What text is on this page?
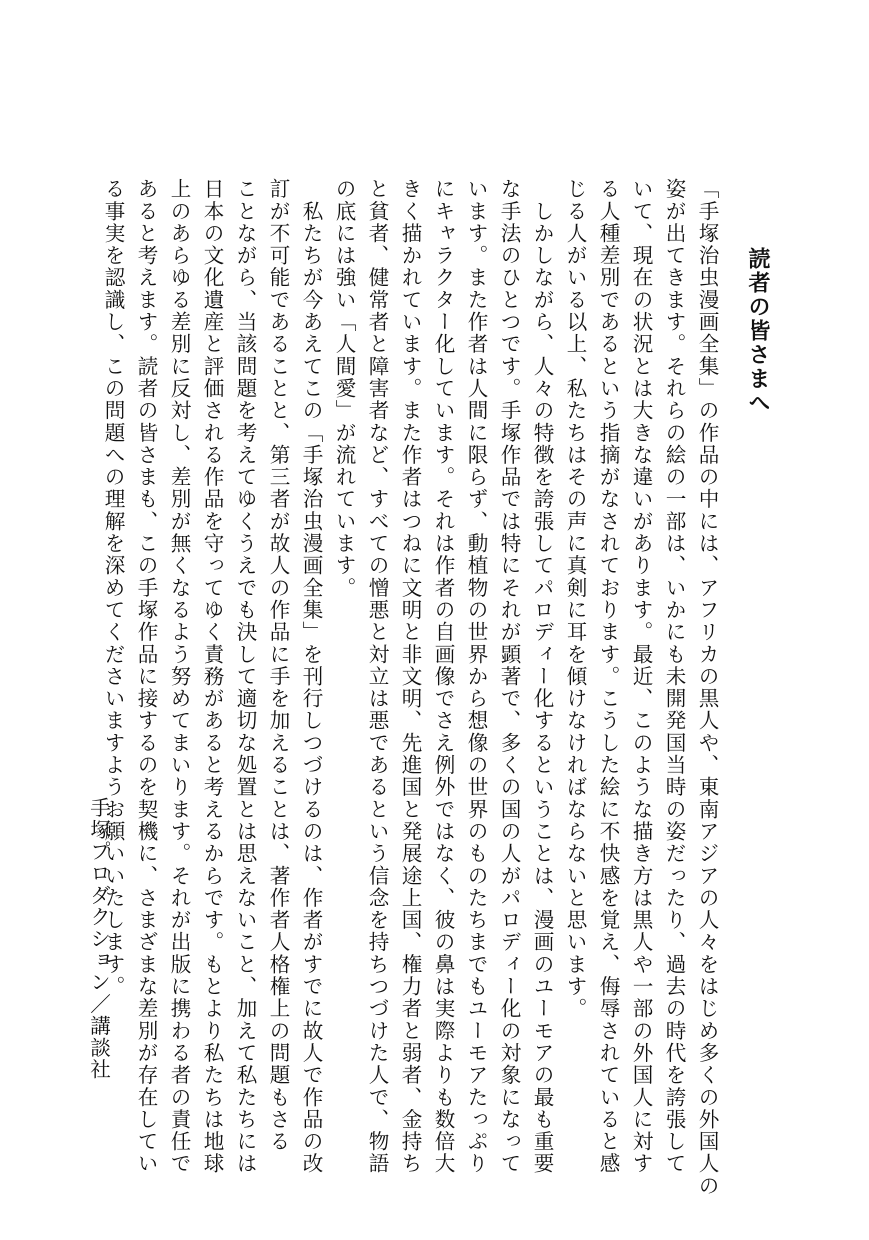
読者の皆さまへ
「手塚治虫漫画全集」の作品の中には、アフリカの黒人や、東南アジアの人々をはじめ多くの外国人の
姿が出てきます。それらの絵の一部は、いかにも未開発国当時の姿だったり、過去の時代を誇張して
いて、現在の状況とは大きな違いがあります。最近、このような描き方は黒人や一部の外国人に対す
る人種差別であるという指摘がなされております。こうした絵に不快感を覚え、侮辱されていると感
じる人がいる以上、私たちはその声に真剣に耳を傾けなければならないと思います。
　しかしながら、人々の特徴を誇張してパロディー化するということは、漫画のユーモアの最も重要
な手法のひとつです。手塚作品では特にそれが顕著で、多くの国の人がパロディー化の対象になって
います。また作者は人間に限らず、動植物の世界から想像の世界のものたちまでもユーモアたっぷり
にキャラクター化しています。それは作者の自画像でさえ例外ではなく、彼の鼻は実際よりも数倍大
きく描かれています。また作者はつねに文明と非文明、先進国と発展途上国、権力者と弱者、金持ち
と貧者、健常者と障害者など、すべての憎悪と対立は悪であるという信念を持ちつづけた人で、物語
の底には強い「人間愛」が流れています。
　私たちが今あえてこの「手塚治虫漫画全集」を刊行しつづけるのは、作者がすでに故人で作品の改
訂が不可能であることと、第三者が故人の作品に手を加えることは、著作者人格権上の問題もさる
ことながら、当該問題を考えてゆくうえでも決して適切な処置とは思えないこと、加えて私たちには
日本の文化遺産と評価される作品を守ってゆく責務があると考えるからです。もとより私たちは地球
上のあらゆる差別に反対し、差別が無くなるよう努めてまいります。それが出版に携わる者の責任で
あると考えます。読者の皆さまも、この手塚作品に接するのを契機に、さまざまな差別が存在してい
る事実を認識し、この問題への理解を深めてくださいますようお願いいたします。
手塚プロダクション／講談社
